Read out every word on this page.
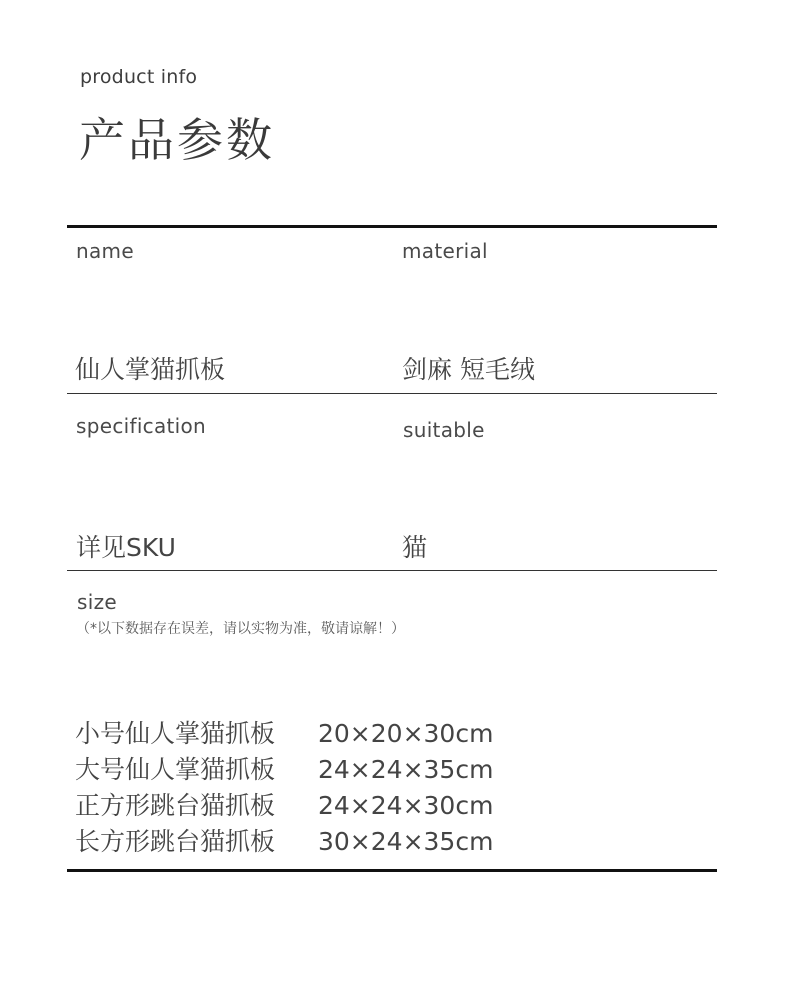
product info
产品参数
name	material
仙人掌猫抓板	剑麻 短毛绒
specification	suitable
详见SKU	猫
size
（*以下数据存在误差，请以实物为准，敬请谅解！）
小号仙人掌猫抓板 20×20×30cm
大号仙人掌猫抓板 24×24×35cm
正方形跳台猫抓板 24×24×30cm
长方形跳台猫抓板 30×24×35cm
